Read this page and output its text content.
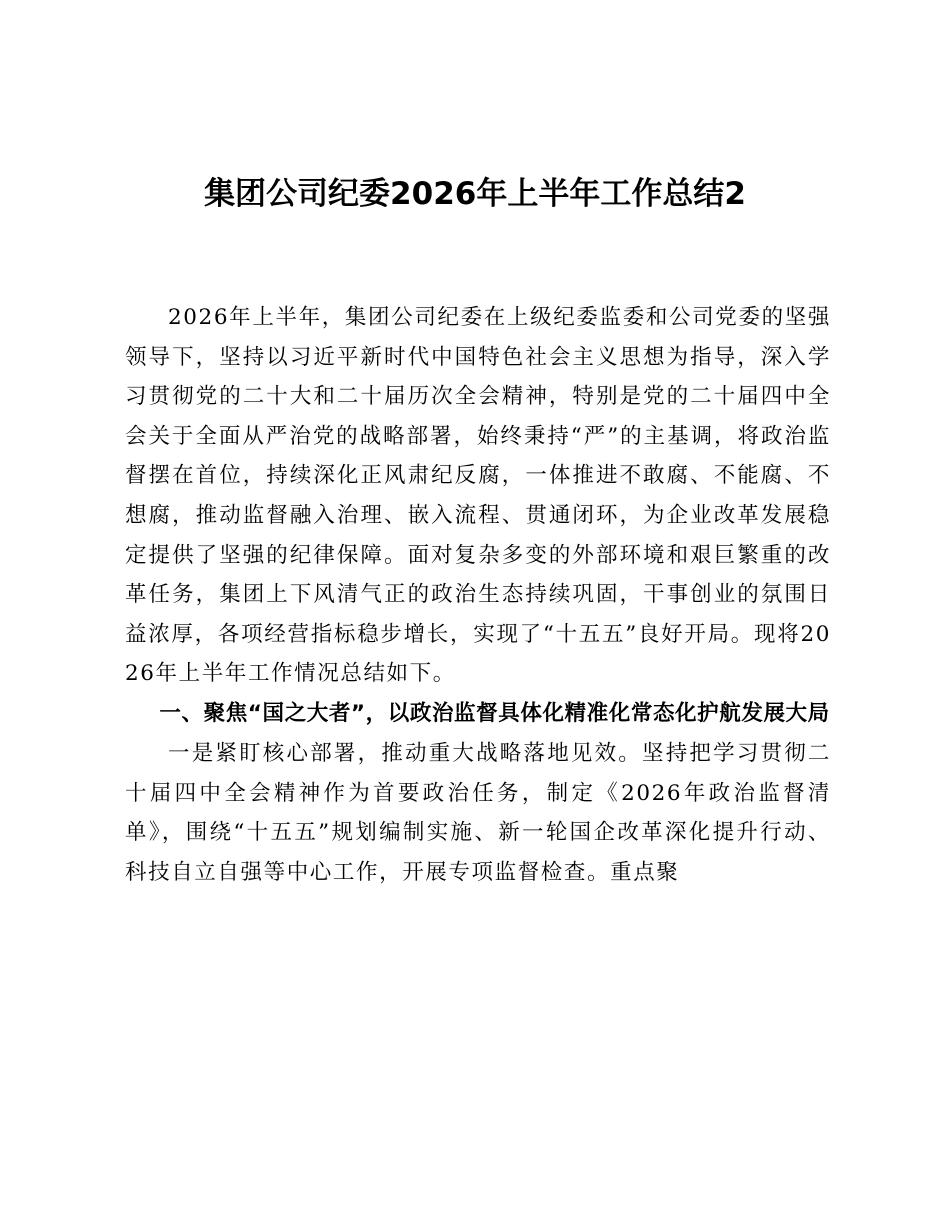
集团公司纪委2026年上半年工作总结2

2026年上半年，集团公司纪委在上级纪委监委和公司党委的坚强领导下，坚持以习近平新时代中国特色社会主义思想为指导，深入学习贯彻党的二十大和二十届历次全会精神，特别是党的二十届四中全会关于全面从严治党的战略部署，始终秉持“严”的主基调，将政治监督摆在首位，持续深化正风肃纪反腐，一体推进不敢腐、不能腐、不想腐，推动监督融入治理、嵌入流程、贯通闭环，为企业改革发展稳定提供了坚强的纪律保障。面对复杂多变的外部环境和艰巨繁重的改革任务，集团上下风清气正的政治生态持续巩固，干事创业的氛围日益浓厚，各项经营指标稳步增长，实现了“十五五”良好开局。现将2026年上半年工作情况总结如下。

一、聚焦“国之大者”，以政治监督具体化精准化常态化护航发展大局

一是紧盯核心部署，推动重大战略落地见效。坚持把学习贯彻二十届四中全会精神作为首要政治任务，制定《2026年政治监督清单》，围绕“十五五”规划编制实施、新一轮国企改革深化提升行动、科技自立自强等中心工作，开展专项监督检查。重点聚
